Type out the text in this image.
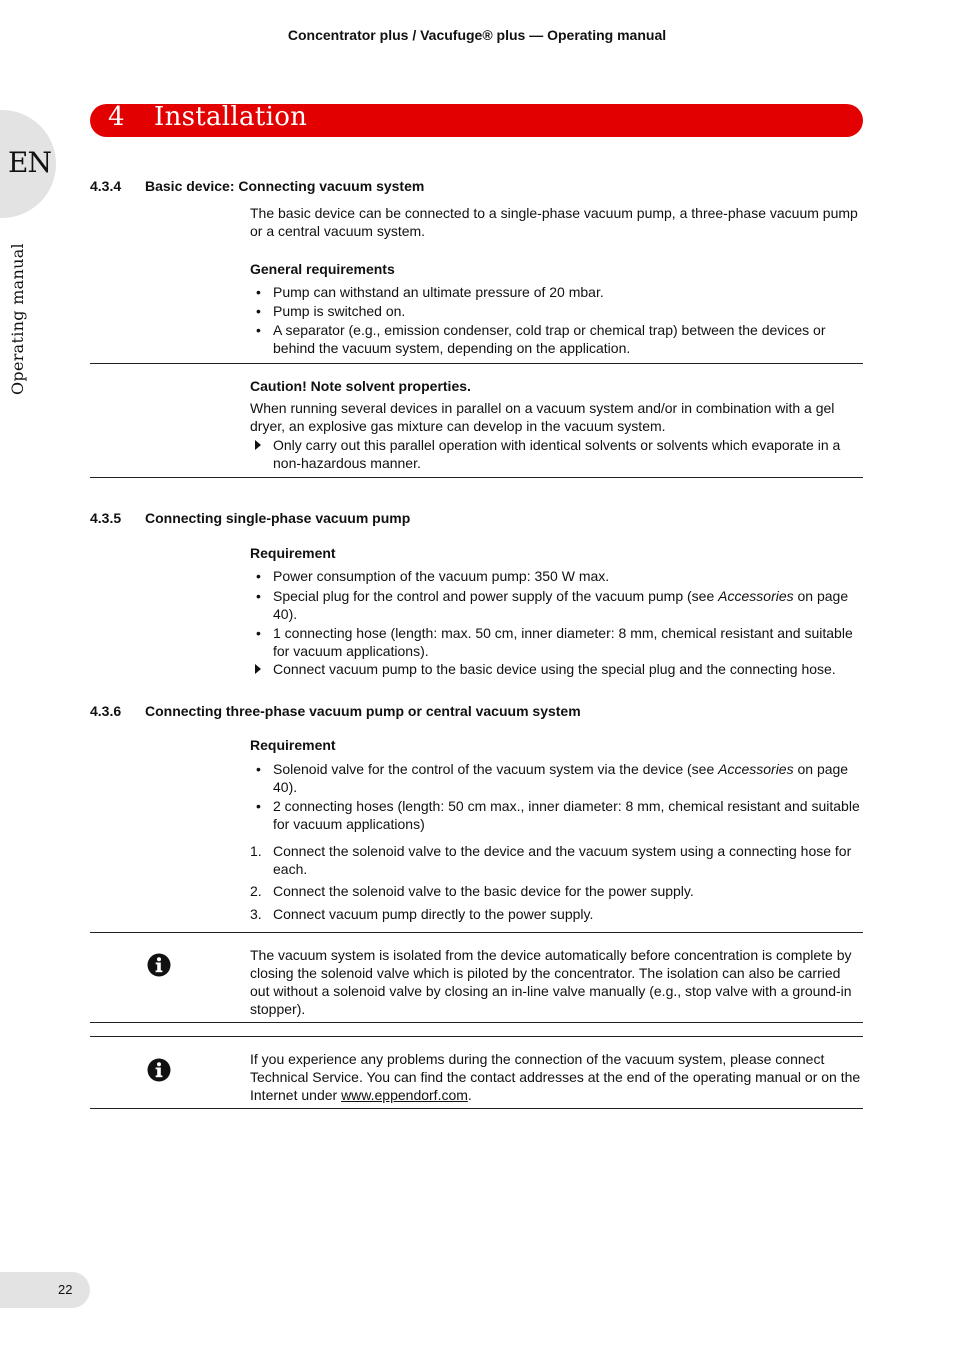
Concentrator plus / Vacufuge® plus — Operating manual
EN
Operating manual
4 Installation
4.3.4 Basic device: Connecting vacuum system
The basic device can be connected to a single-phase vacuum pump, a three-phase vacuum pump or a central vacuum system.
General requirements
• Pump can withstand an ultimate pressure of 20 mbar.
• Pump is switched on.
• A separator (e.g., emission condenser, cold trap or chemical trap) between the devices or behind the vacuum system, depending on the application.
Caution! Note solvent properties.
When running several devices in parallel on a vacuum system and/or in combination with a gel dryer, an explosive gas mixture can develop in the vacuum system.
Only carry out this parallel operation with identical solvents or solvents which evaporate in a non-hazardous manner.
4.3.5 Connecting single-phase vacuum pump
Requirement
• Power consumption of the vacuum pump: 350 W max.
• Special plug for the control and power supply of the vacuum pump (see Accessories on page 40).
• 1 connecting hose (length: max. 50 cm, inner diameter: 8 mm, chemical resistant and suitable for vacuum applications).
Connect vacuum pump to the basic device using the special plug and the connecting hose.
4.3.6 Connecting three-phase vacuum pump or central vacuum system
Requirement
• Solenoid valve for the control of the vacuum system via the device (see Accessories on page 40).
• 2 connecting hoses (length: 50 cm max., inner diameter: 8 mm, chemical resistant and suitable for vacuum applications)
1. Connect the solenoid valve to the device and the vacuum system using a connecting hose for each.
2. Connect the solenoid valve to the basic device for the power supply.
3. Connect vacuum pump directly to the power supply.
The vacuum system is isolated from the device automatically before concentration is complete by closing the solenoid valve which is piloted by the concentrator. The isolation can also be carried out without a solenoid valve by closing an in-line valve manually (e.g., stop valve with a ground-in stopper).
If you experience any problems during the connection of the vacuum system, please connect Technical Service. You can find the contact addresses at the end of the operating manual or on the Internet under www.eppendorf.com.
22
